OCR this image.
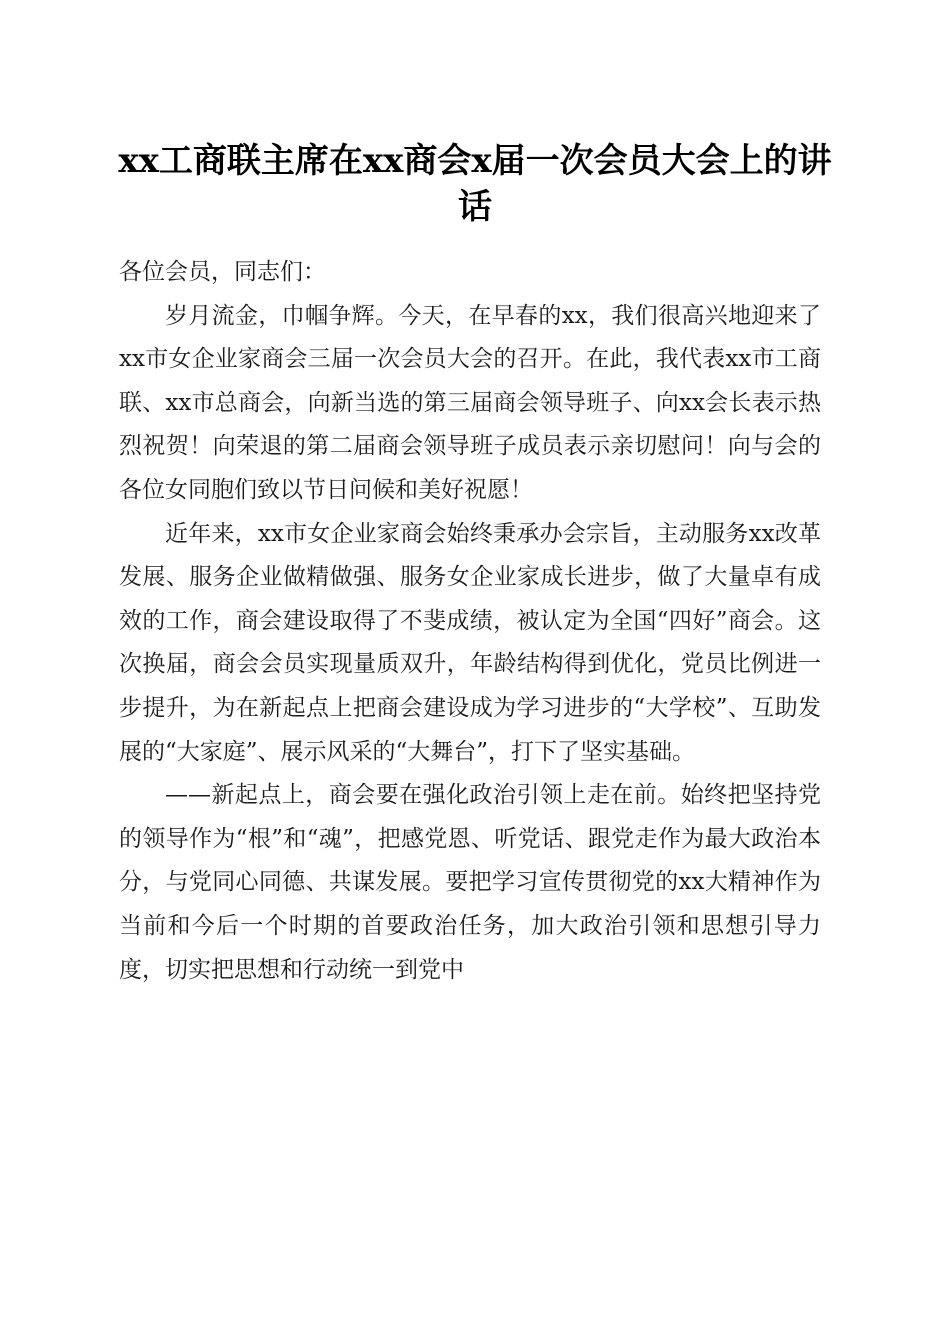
xx工商联主席在xx商会x届一次会员大会上的讲话

各位会员，同志们：

岁月流金，巾帼争辉。今天，在早春的xx，我们很高兴地迎来了xx市女企业家商会三届一次会员大会的召开。在此，我代表xx市工商联、xx市总商会，向新当选的第三届商会领导班子、向xx会长表示热烈祝贺！向荣退的第二届商会领导班子成员表示亲切慰问！向与会的各位女同胞们致以节日问候和美好祝愿！

近年来，xx市女企业家商会始终秉承办会宗旨，主动服务xx改革发展、服务企业做精做强、服务女企业家成长进步，做了大量卓有成效的工作，商会建设取得了不斐成绩，被认定为全国“四好”商会。这次换届，商会会员实现量质双升，年龄结构得到优化，党员比例进一步提升，为在新起点上把商会建设成为学习进步的“大学校”、互助发展的“大家庭”、展示风采的“大舞台”，打下了坚实基础。

——新起点上，商会要在强化政治引领上走在前。始终把坚持党的领导作为“根”和“魂”，把感党恩、听党话、跟党走作为最大政治本分，与党同心同德、共谋发展。要把学习宣传贯彻党的xx大精神作为当前和今后一个时期的首要政治任务，加大政治引领和思想引导力度，切实把思想和行动统一到党中
